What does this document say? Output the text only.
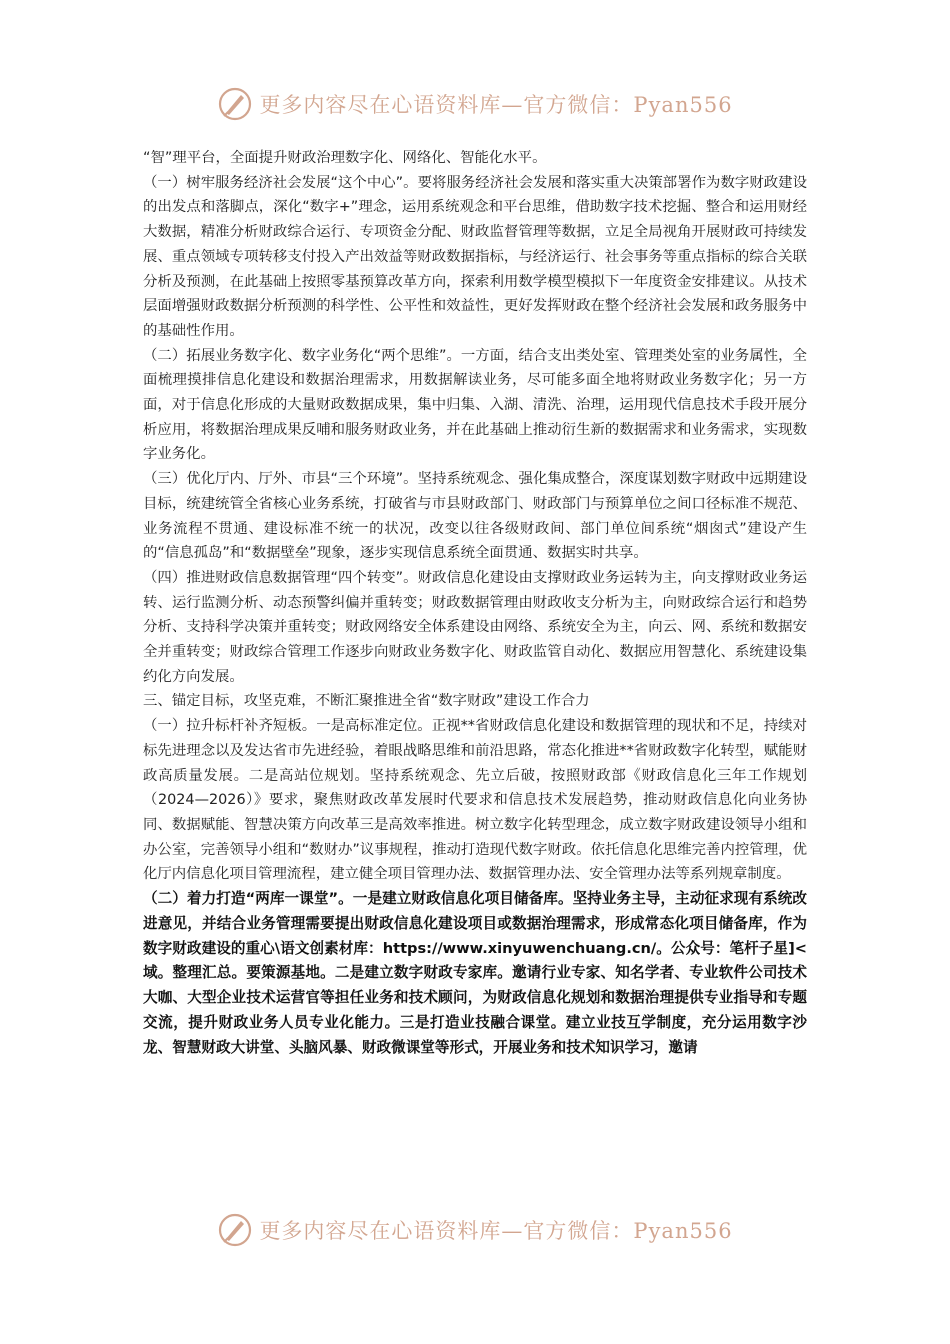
更多内容尽在心语资料库—官方微信：Pyan556

“智”理平台，全面提升财政治理数字化、网络化、智能化水平。

（一）树牢服务经济社会发展“这个中心”。要将服务经济社会发展和落实重大决策部署作为数字财政建设的出发点和落脚点，深化“数字+”理念，运用系统观念和平台思维，借助数字技术挖掘、整合和运用财经大数据，精准分析财政综合运行、专项资金分配、财政监督管理等数据，立足全局视角开展财政可持续发展、重点领域专项转移支付投入产出效益等财政数据指标，与经济运行、社会事务等重点指标的综合关联分析及预测，在此基础上按照零基预算改革方向，探索利用数学模型模拟下一年度资金安排建议。从技术层面增强财政数据分析预测的科学性、公平性和效益性，更好发挥财政在整个经济社会发展和政务服务中的基础性作用。

（二）拓展业务数字化、数字业务化“两个思维”。一方面，结合支出类处室、管理类处室的业务属性，全面梳理摸排信息化建设和数据治理需求，用数据解读业务，尽可能多面全地将财政业务数字化；另一方面，对于信息化形成的大量财政数据成果，集中归集、入湖、清洗、治理，运用现代信息技术手段开展分析应用，将数据治理成果反哺和服务财政业务，并在此基础上推动衍生新的数据需求和业务需求，实现数字业务化。

（三）优化厅内、厅外、市县“三个环境”。坚持系统观念、强化集成整合，深度谋划数字财政中远期建设目标，统建统管全省核心业务系统，打破省与市县财政部门、财政部门与预算单位之间口径标准不规范、业务流程不贯通、建设标准不统一的状况，改变以往各级财政间、部门单位间系统“烟囱式”建设产生的“信息孤岛”和“数据壁垒”现象，逐步实现信息系统全面贯通、数据实时共享。

（四）推进财政信息数据管理“四个转变”。财政信息化建设由支撑财政业务运转为主，向支撑财政业务运转、运行监测分析、动态预警纠偏并重转变；财政数据管理由财政收支分析为主，向财政综合运行和趋势分析、支持科学决策并重转变；财政网络安全体系建设由网络、系统安全为主，向云、网、系统和数据安全并重转变；财政综合管理工作逐步向财政业务数字化、财政监管自动化、数据应用智慧化、系统建设集约化方向发展。

三、锚定目标，攻坚克难，不断汇聚推进全省“数字财政”建设工作合力

（一）拉升标杆补齐短板。一是高标准定位。正视**省财政信息化建设和数据管理的现状和不足，持续对标先进理念以及发达省市先进经验，着眼战略思维和前沿思路，常态化推进**省财政数字化转型，赋能财政高质量发展。二是高站位规划。坚持系统观念、先立后破，按照财政部《财政信息化三年工作规划（2024—2026）》要求，聚焦财政改革发展时代要求和信息技术发展趋势，推动财政信息化向业务协同、数据赋能、智慧决策方向改革三是高效率推进。树立数字化转型理念，成立数字财政建设领导小组和办公室，完善领导小组和“数财办”议事规程，推动打造现代数字财政。依托信息化思维完善内控管理，优化厅内信息化项目管理流程，建立健全项目管理办法、数据管理办法、安全管理办法等系列规章制度。

（二）着力打造“两库一课堂”。一是建立财政信息化项目储备库。坚持业务主导，主动征求现有系统改进意见，并结合业务管理需要提出财政信息化建设项目或数据治理需求，形成常态化项目储备库，作为数字财政建设的重心\语文创素材库：https://www.xinyuwenchuang.cn/。公众号：笔杆子星]<域。整理汇总。要策源基地。二是建立数字财政专家库。邀请行业专家、知名学者、专业软件公司技术大咖、大型企业技术运营官等担任业务和技术顾问，为财政信息化规划和数据治理提供专业指导和专题交流，提升财政业务人员专业化能力。三是打造业技融合课堂。建立业技互学制度，充分运用数字沙龙、智慧财政大讲堂、头脑风暴、财政微课堂等形式，开展业务和技术知识学习，邀请

更多内容尽在心语资料库—官方微信：Pyan556
